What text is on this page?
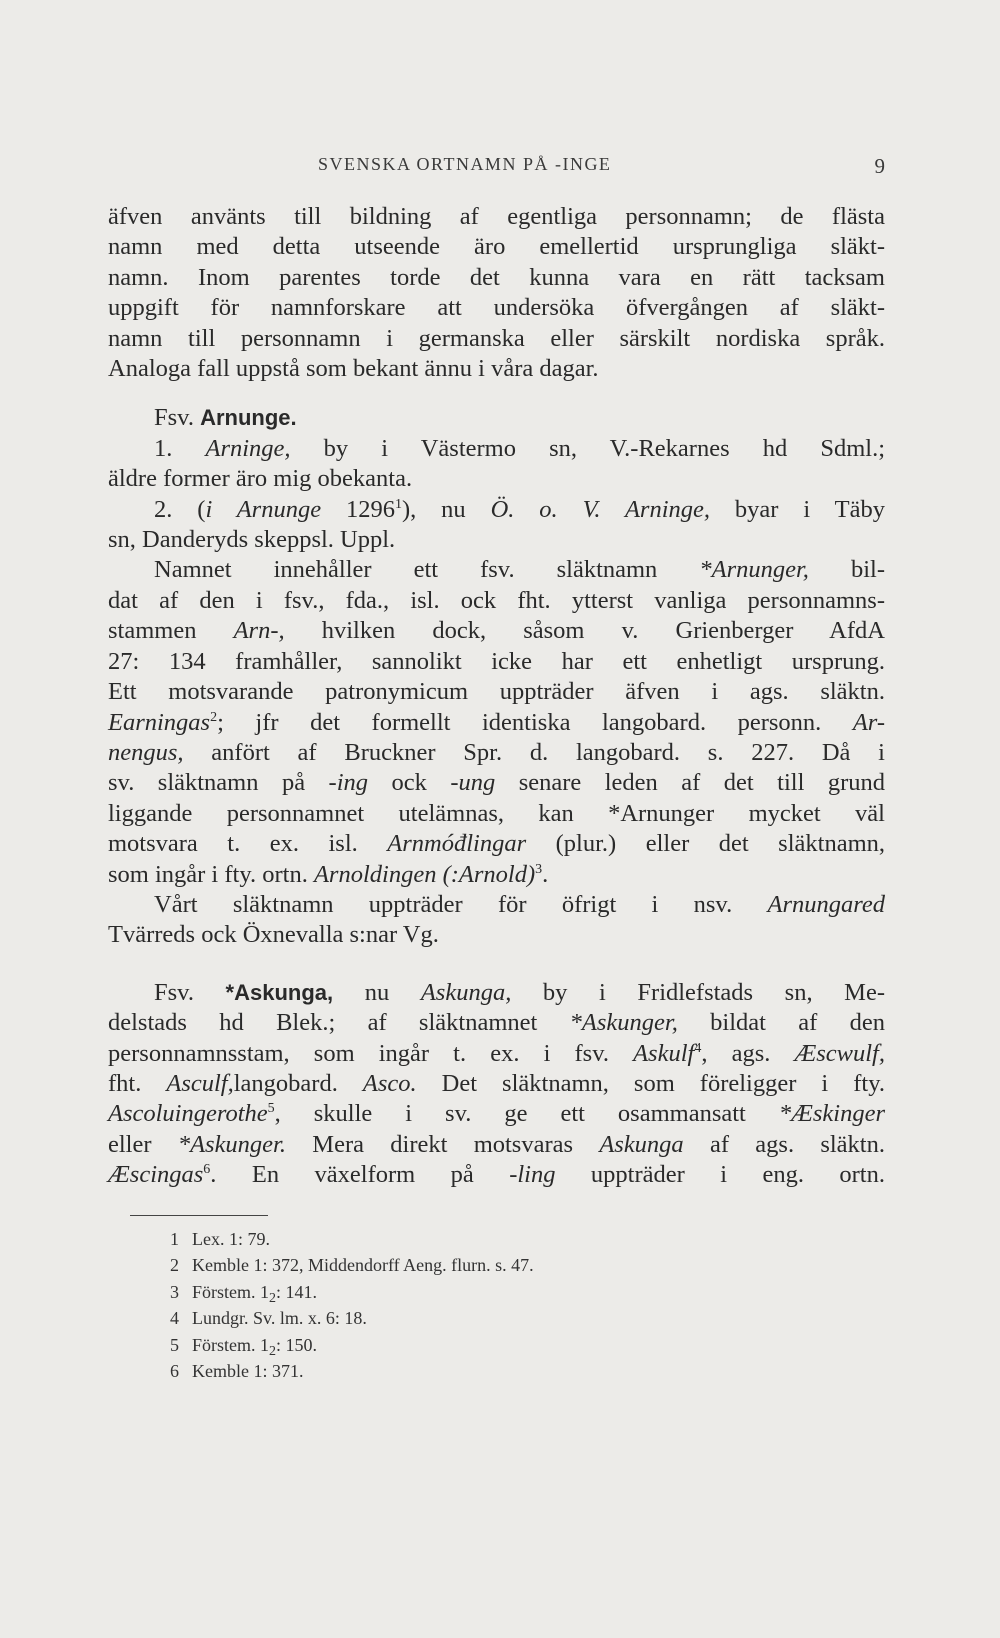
SVENSKA ORTNAMN PÅ -INGE	9
äfven använts till bildning af egentliga personnamn; de flästa
namn med detta utseende äro emellertid ursprungliga släkt-
namn. Inom parentes torde det kunna vara en rätt tacksam
uppgift för namnforskare att undersöka öfvergången af släkt-
namn till personnamn i germanska eller särskilt nordiska språk.
Analoga fall uppstå som bekant ännu i våra dagar.
Fsv. Arnunge.
1. Arninge, by i Västermo sn, V.-Rekarnes hd Sdml.;
äldre former äro mig obekanta.
2. (i Arnunge 1296$^1$), nu Ö. o. V. Arninge, byar i Täby
sn, Danderyds skeppsl. Uppl.
Namnet innehåller ett fsv. släktnamn *Arnunger, bil-
dat af den i fsv., fda., isl. ock fht. ytterst vanliga personnamns-
stammen Arn-, hvilken dock, såsom v. Grienberger AfdA
27: 134 framhåller, sannolikt icke har ett enhetligt ursprung.
Ett motsvarande patronymicum uppträder äfven i ags. släktn.
Earningas$^2$; jfr det formellt identiska langobard. personn. Ar-
nengus, anfört af Bruckner Spr. d. langobard. s. 227. Då i
sv. släktnamn på -ing ock -ung senare leden af det till grund
liggande personnamnet utelämnas, kan *Arnunger mycket väl
motsvara t. ex. isl. Arnmóđlingar (plur.) eller det släktnamn,
som ingår i fty. ortn. Arnoldingen (:Arnold)$^3$.
Vårt släktnamn uppträder för öfrigt i nsv. Arnungared
Tvärreds ock Öxnevalla s:nar Vg.
Fsv. *Askunga, nu Askunga, by i Fridlefstads sn, Me-
delstads hd Blek.; af släktnamnet *Askunger, bildat af den
personnamnsstam, som ingår t. ex. i fsv. Askulf$^4$, ags. Æscwulf,
fht. Asculf,langobard. Asco. Det släktnamn, som föreligger i fty.
Ascoluingerothe$^5$, skulle i sv. ge ett osammansatt *Æskinger
eller *Askunger. Mera direkt motsvaras Askunga af ags. släktn.
Æscingas$^6$. En växelform på -ling uppträder i eng. ortn.
1 Lex. 1: 79.
2 Kemble 1: 372, Middendorff Aeng. flurn. s. 47.
3 Förstem. $1_2$: 141.
4 Lundgr. Sv. lm. x. 6: 18.
5 Förstem. $1_2$: 150.
6 Kemble 1: 371.
